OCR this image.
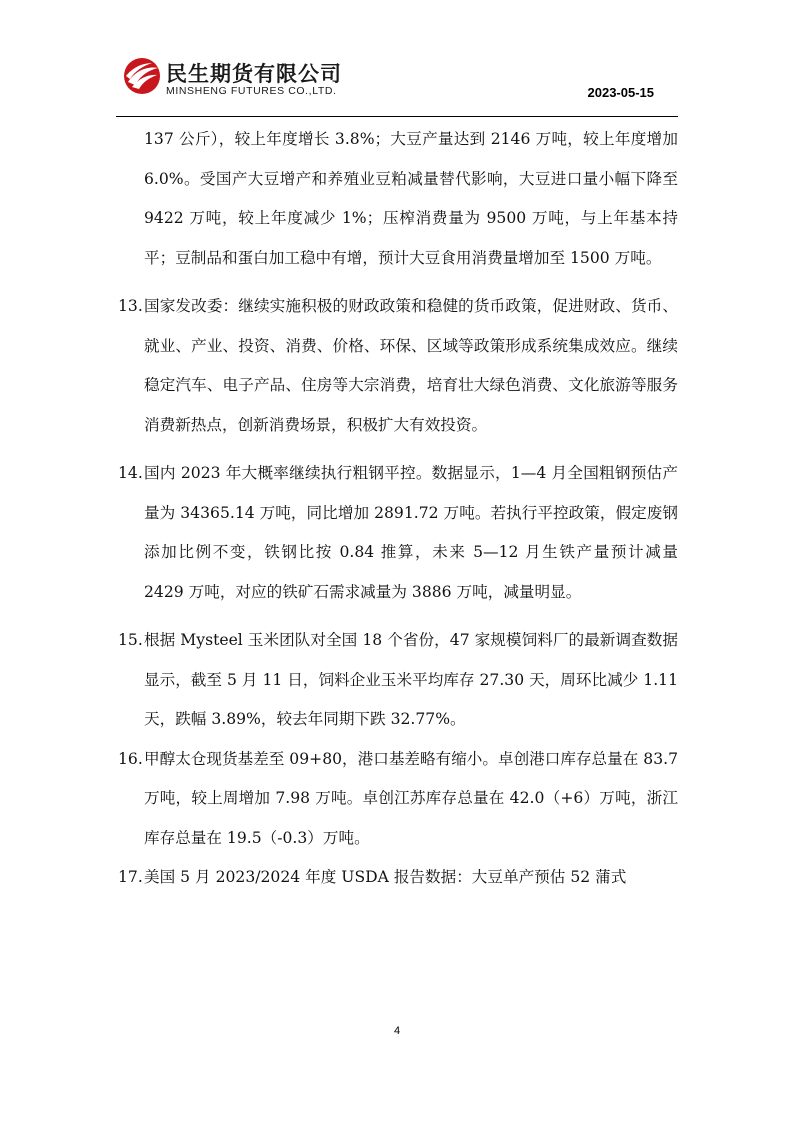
民生期货有限公司
MINSHENG FUTURES CO.,LTD.	2023-05-15

137 公斤），较上年度增长 3.8%；大豆产量达到 2146 万吨，较上年度增加 6.0%。受国产大豆增产和养殖业豆粕减量替代影响，大豆进口量小幅下降至 9422 万吨，较上年度减少 1%；压榨消费量为 9500 万吨，与上年基本持平；豆制品和蛋白加工稳中有增，预计大豆食用消费量增加至 1500 万吨。

13. 国家发改委：继续实施积极的财政政策和稳健的货币政策，促进财政、货币、就业、产业、投资、消费、价格、环保、区域等政策形成系统集成效应。继续稳定汽车、电子产品、住房等大宗消费，培育壮大绿色消费、文化旅游等服务消费新热点，创新消费场景，积极扩大有效投资。
14. 国内 2023 年大概率继续执行粗钢平控。数据显示，1—4 月全国粗钢预估产量为 34365.14 万吨，同比增加 2891.72 万吨。若执行平控政策，假定废钢添加比例不变，铁钢比按 0.84 推算，未来 5—12 月生铁产量预计减量 2429 万吨，对应的铁矿石需求减量为 3886 万吨，减量明显。
15. 根据 Mysteel 玉米团队对全国 18 个省份，47 家规模饲料厂的最新调查数据显示，截至 5 月 11 日，饲料企业玉米平均库存 27.30 天，周环比减少 1.11 天，跌幅 3.89%，较去年同期下跌 32.77%。
16. 甲醇太仓现货基差至 09+80，港口基差略有缩小。卓创港口库存总量在 83.7 万吨，较上周增加 7.98 万吨。卓创江苏库存总量在 42.0（+6）万吨，浙江库存总量在 19.5（-0.3）万吨。
17. 美国 5 月 2023/2024 年度 USDA 报告数据：大豆单产预估 52 蒲式
4
